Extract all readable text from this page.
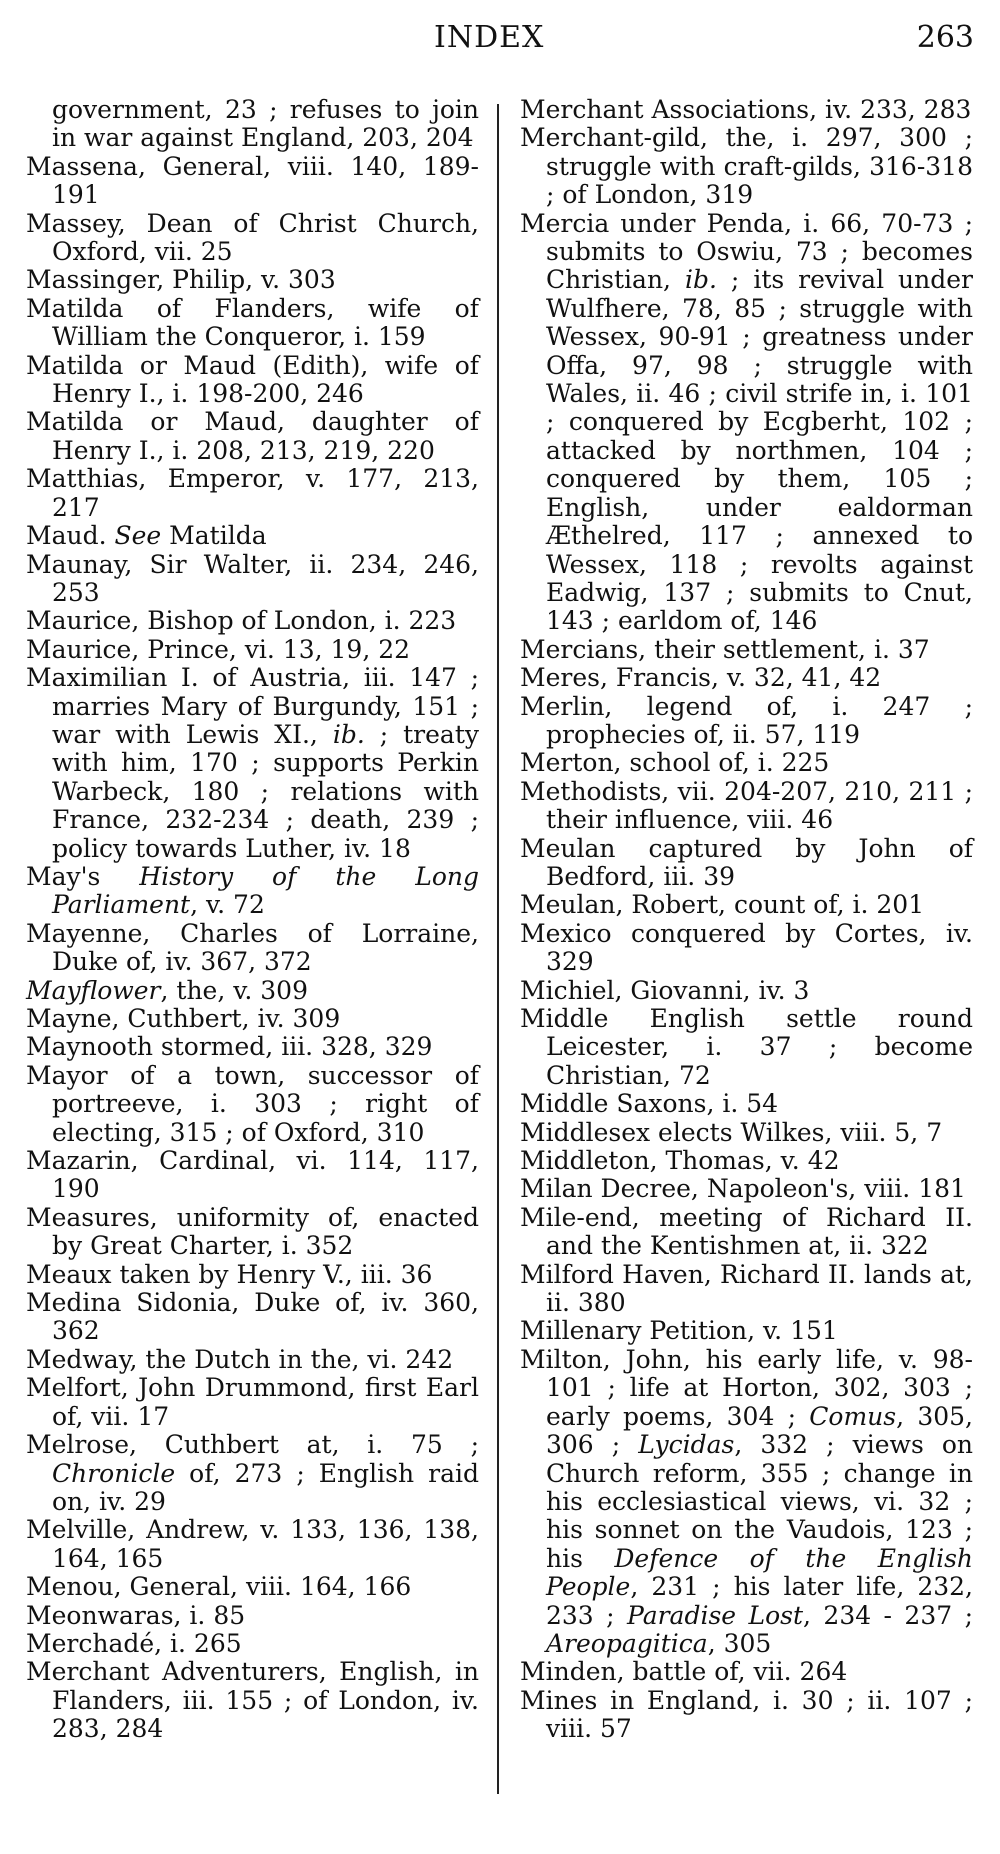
INDEX	263

government, 23 ; refuses to join in war against England, 203, 204

Massena, General, viii. 140, 189-191

Massey, Dean of Christ Church, Oxford, vii. 25

Massinger, Philip, v. 303

Matilda of Flanders, wife of William the Conqueror, i. 159

Matilda or Maud (Edith), wife of Henry I., i. 198-200, 246

Matilda or Maud, daughter of Henry I., i. 208, 213, 219, 220

Matthias, Emperor, v. 177, 213, 217

Maud. See Matilda

Maunay, Sir Walter, ii. 234, 246, 253

Maurice, Bishop of London, i. 223

Maurice, Prince, vi. 13, 19, 22

Maximilian I. of Austria, iii. 147 ; marries Mary of Burgundy, 151 ; war with Lewis XI., ib. ; treaty with him, 170 ; supports Perkin Warbeck, 180 ; relations with France, 232-234 ; death, 239 ; policy towards Luther, iv. 18

May's History of the Long Parliament, v. 72

Mayenne, Charles of Lorraine, Duke of, iv. 367, 372

Mayflower, the, v. 309

Mayne, Cuthbert, iv. 309

Maynooth stormed, iii. 328, 329

Mayor of a town, successor of portreeve, i. 303 ; right of electing, 315 ; of Oxford, 310

Mazarin, Cardinal, vi. 114, 117, 190

Measures, uniformity of, enacted by Great Charter, i. 352

Meaux taken by Henry V., iii. 36

Medina Sidonia, Duke of, iv. 360, 362

Medway, the Dutch in the, vi. 242

Melfort, John Drummond, first Earl of, vii. 17

Melrose, Cuthbert at, i. 75 ; Chronicle of, 273 ; English raid on, iv. 29

Melville, Andrew, v. 133, 136, 138, 164, 165

Menou, General, viii. 164, 166

Meonwaras, i. 85

Merchadé, i. 265

Merchant Adventurers, English, in Flanders, iii. 155 ; of London, iv. 283, 284

Merchant Associations, iv. 233, 283

Merchant-gild, the, i. 297, 300 ; struggle with craft-gilds, 316-318 ; of London, 319

Mercia under Penda, i. 66, 70-73 ; submits to Oswiu, 73 ; becomes Christian, ib. ; its revival under Wulfhere, 78, 85 ; struggle with Wessex, 90-91 ; greatness under Offa, 97, 98 ; struggle with Wales, ii. 46 ; civil strife in, i. 101 ; conquered by Ecgberht, 102 ; attacked by northmen, 104 ; conquered by them, 105 ; English, under ealdorman Æthelred, 117 ; annexed to Wessex, 118 ; revolts against Eadwig, 137 ; submits to Cnut, 143 ; earldom of, 146

Mercians, their settlement, i. 37

Meres, Francis, v. 32, 41, 42

Merlin, legend of, i. 247 ; prophecies of, ii. 57, 119

Merton, school of, i. 225

Methodists, vii. 204-207, 210, 211 ; their influence, viii. 46

Meulan captured by John of Bedford, iii. 39

Meulan, Robert, count of, i. 201

Mexico conquered by Cortes, iv. 329

Michiel, Giovanni, iv. 3

Middle English settle round Leicester, i. 37 ; become Christian, 72

Middle Saxons, i. 54

Middlesex elects Wilkes, viii. 5, 7

Middleton, Thomas, v. 42

Milan Decree, Napoleon's, viii. 181

Mile-end, meeting of Richard II. and the Kentishmen at, ii. 322

Milford Haven, Richard II. lands at, ii. 380

Millenary Petition, v. 151

Milton, John, his early life, v. 98-101 ; life at Horton, 302, 303 ; early poems, 304 ; Comus, 305, 306 ; Lycidas, 332 ; views on Church reform, 355 ; change in his ecclesiastical views, vi. 32 ; his sonnet on the Vaudois, 123 ; his Defence of the English People, 231 ; his later life, 232, 233 ; Paradise Lost, 234 - 237 ; Areopagitica, 305

Minden, battle of, vii. 264

Mines in England, i. 30 ; ii. 107 ; viii. 57
